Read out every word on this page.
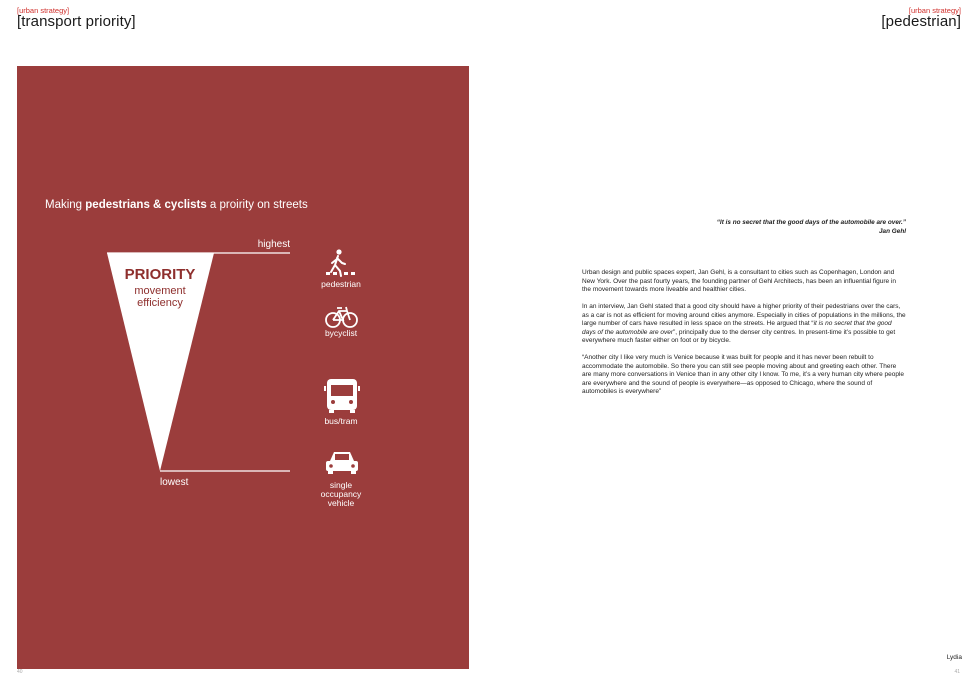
[urban strategy]
[transport priority]
[urban strategy]
[pedestrian]
Making pedestrians & cyclists a proirity on streets
highest
lowest
PRIORITY
movement
efficiency
pedestrian
bycyclist
bus/tram
single
occupancy
vehicle
“It is no secret that the good days of the automobile are over.”
Jan Gehl

Urban design and public spaces expert, Jan Gehl, is a consultant to cities such as Copenhagen, London and New York. Over the past fourty years, the founding partner of Gehl Architects, has been an influential figure in the movement towards more liveable and healthier cities.

In an interview, Jan Gehl stated that a good city should have a higher priority of their pedestrians over the cars, as a car is not as efficient for moving around cities anymore. Especially in cities of populations in the millions, the large number of cars have resulted in less space on the streets. He argued that “it is no secret that the good days of the automobile are over”, principally due to the denser city centres. In present-time it’s possible to get everywhere much faster either on foot or by bicycle.

“Another city I like very much is Venice because it was built for people and it has never been rebuilt to accommodate the automobile. So there you can still see people moving about and greeting each other. There are many more conversations in Venice than in any other city I know. To me, it’s a very human city where people are everywhere and the sound of people is everywhere—as opposed to Chicago, where the sound of automobiles is everywhere”

Lydia
40	41
